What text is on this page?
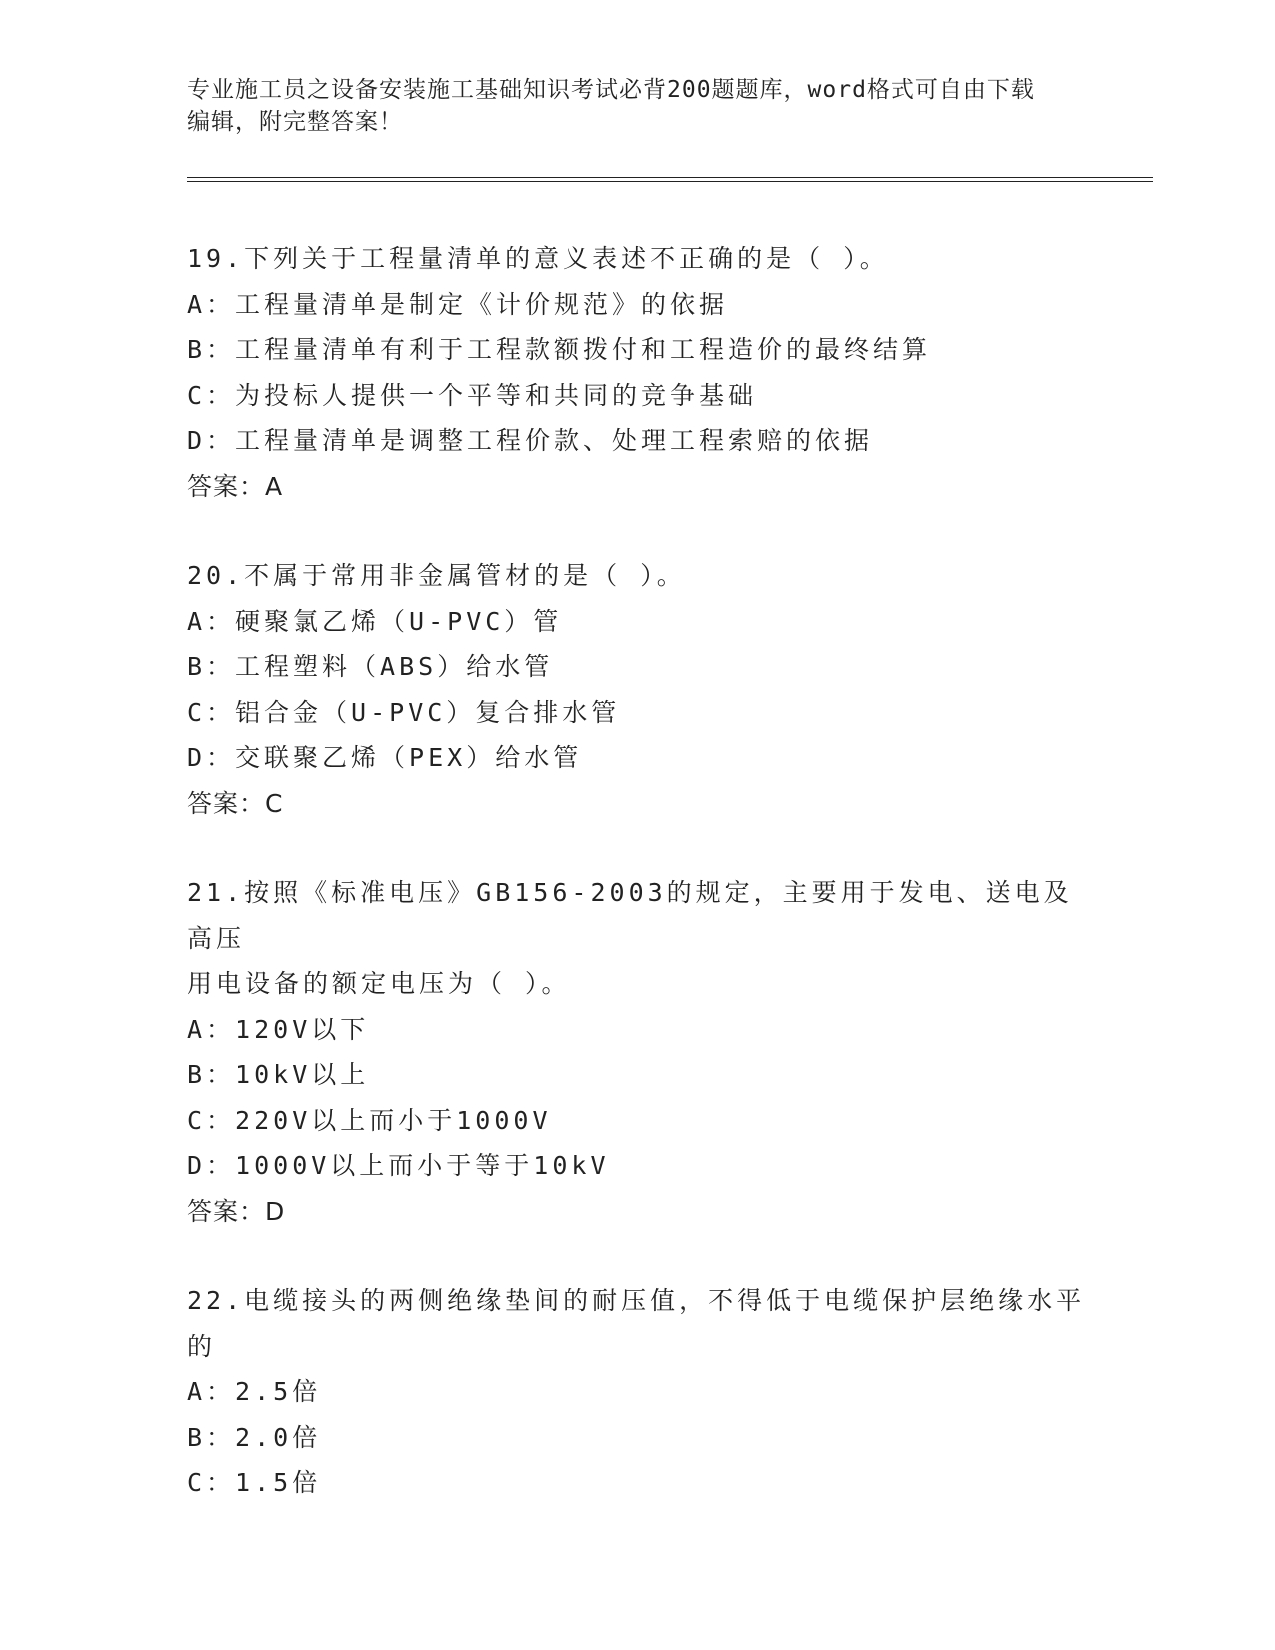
专业施工员之设备安装施工基础知识考试必背200题题库，word格式可自由下载
编辑，附完整答案！
19.下列关于工程量清单的意义表述不正确的是（ ）。
A：工程量清单是制定《计价规范》的依据
B：工程量清单有利于工程款额拨付和工程造价的最终结算
C：为投标人提供一个平等和共同的竞争基础
D：工程量清单是调整工程价款、处理工程索赔的依据
答案：A
20.不属于常用非金属管材的是（ ）。
A：硬聚氯乙烯（U-PVC）管
B：工程塑料（ABS）给水管
C：铝合金（U-PVC）复合排水管
D：交联聚乙烯（PEX）给水管
答案：C
21.按照《标准电压》GB156-2003的规定，主要用于发电、送电及高压
用电设备的额定电压为（ ）。
A：120V以下
B：10kV以上
C：220V以上而小于1000V
D：1000V以上而小于等于10kV
答案：D
22.电缆接头的两侧绝缘垫间的耐压值，不得低于电缆保护层绝缘水平
的
A：2.5倍
B：2.0倍
C：1.5倍
